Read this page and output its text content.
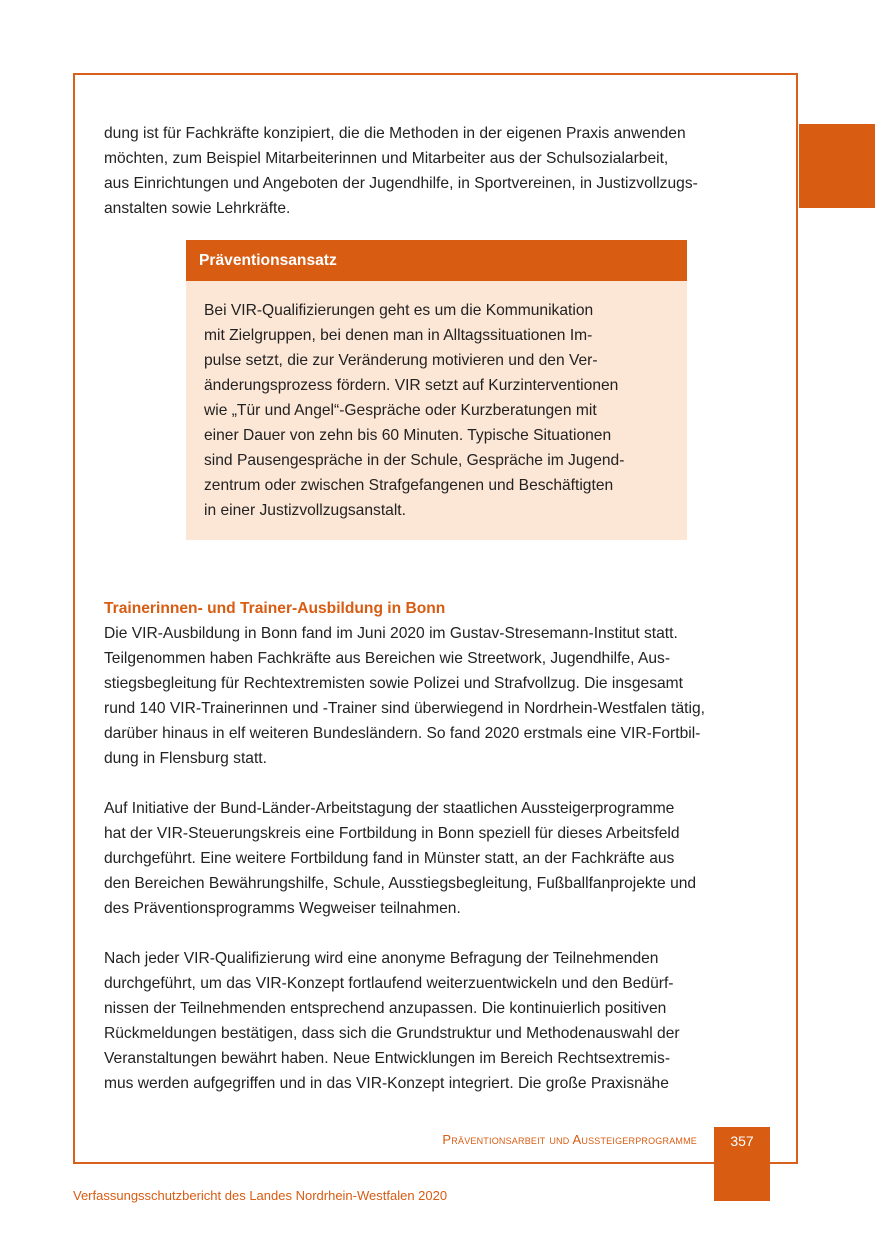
dung ist für Fachkräfte konzipiert, die die Methoden in der eigenen Praxis anwenden
möchten, zum Beispiel Mitarbeiterinnen und Mitarbeiter aus der Schulsozialarbeit,
aus Einrichtungen und Angeboten der Jugendhilfe, in Sportvereinen, in Justizvollzugs-
anstalten sowie Lehrkräfte.

Präventionsansatz

Bei VIR-Qualifizierungen geht es um die Kommunikation
mit Zielgruppen, bei denen man in Alltagssituationen Im-
pulse setzt, die zur Veränderung motivieren und den Ver-
änderungsprozess fördern. VIR setzt auf Kurzinterventionen
wie „Tür und Angel“-Gespräche oder Kurzberatungen mit
einer Dauer von zehn bis 60 Minuten. Typische Situationen
sind Pausengespräche in der Schule, Gespräche im Jugend-
zentrum oder zwischen Strafgefangenen und Beschäftigten
in einer Justizvollzugsanstalt.

Trainerinnen- und Trainer-Ausbildung in Bonn

Die VIR-Ausbildung in Bonn fand im Juni 2020 im Gustav-Stresemann-Institut statt.
Teilgenommen haben Fachkräfte aus Bereichen wie Streetwork, Jugendhilfe, Aus-
stiegsbegleitung für Rechtextremisten sowie Polizei und Strafvollzug. Die insgesamt
rund 140 VIR-Trainerinnen und -Trainer sind überwiegend in Nordrhein-Westfalen tätig,
darüber hinaus in elf weiteren Bundesländern. So fand 2020 erstmals eine VIR-Fortbil-
dung in Flensburg statt.

Auf Initiative der Bund-Länder-Arbeitstagung der staatlichen Aussteigerprogramme
hat der VIR-Steuerungskreis eine Fortbildung in Bonn speziell für dieses Arbeitsfeld
durchgeführt. Eine weitere Fortbildung fand in Münster statt, an der Fachkräfte aus
den Bereichen Bewährungshilfe, Schule, Ausstiegsbegleitung, Fußballfanprojekte und
des Präventionsprogramms Wegweiser teilnahmen.

Nach jeder VIR-Qualifizierung wird eine anonyme Befragung der Teilnehmenden
durchgeführt, um das VIR-Konzept fortlaufend weiterzuentwickeln und den Bedürf-
nissen der Teilnehmenden entsprechend anzupassen. Die kontinuierlich positiven
Rückmeldungen bestätigen, dass sich die Grundstruktur und Methodenauswahl der
Veranstaltungen bewährt haben. Neue Entwicklungen im Bereich Rechtsextremis-
mus werden aufgegriffen und in das VIR-Konzept integriert. Die große Praxisnähe

Präventionsarbeit und Aussteigerprogramme	357
Verfassungsschutzbericht des Landes Nordrhein-Westfalen 2020
